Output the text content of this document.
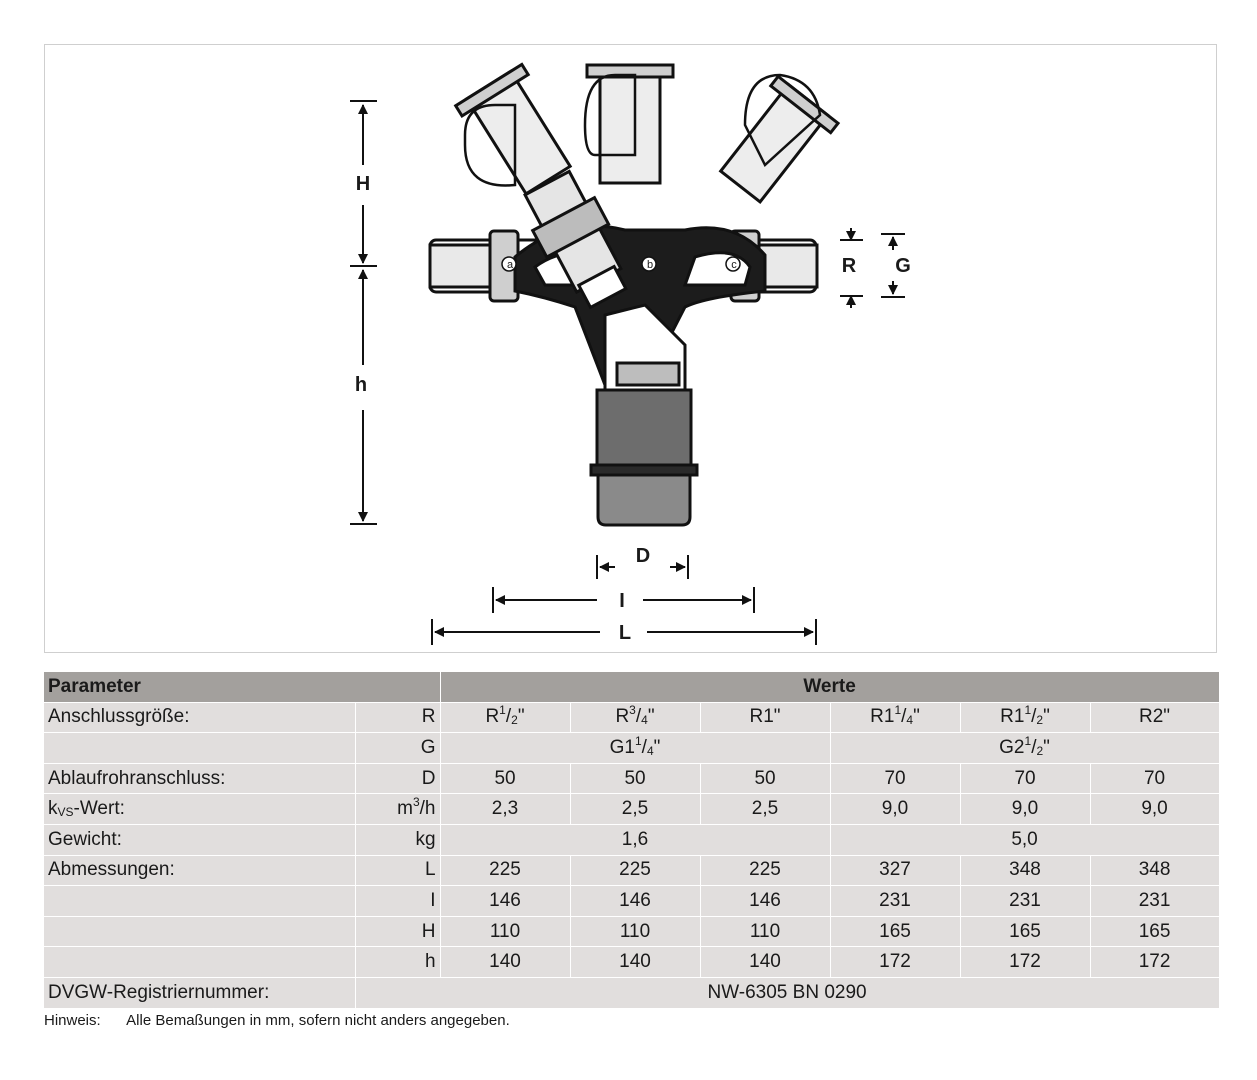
a	b	c
H
h
R G
D
I
L
Parameter		Werte					
Anschlussgröße:	R	$R^1/_2$"	$R^3/_4$"	R1"	$R1^1/_4$"	$R1^1/_2$"	R2"
	G	$G1^1/_4$"			$G2^1/_2$"		
Ablaufrohranschluss:	D	50	50	50	70	70	70
$k_{VS}$-Wert:	$m^3/h$	2,3	2,5	2,5	9,0	9,0	9,0
Gewicht:	kg	1,6			5,0		
Abmessungen:	L	225	225	225	327	348	348
	I	146	146	146	231	231	231
	H	110	110	110	165	165	165
	h	140	140	140	172	172	172
DVGW-Registriernummer:	NW-6305 BN 0290						
Hinweis: Alle Bemaßungen in mm, sofern nicht anders angegeben.
